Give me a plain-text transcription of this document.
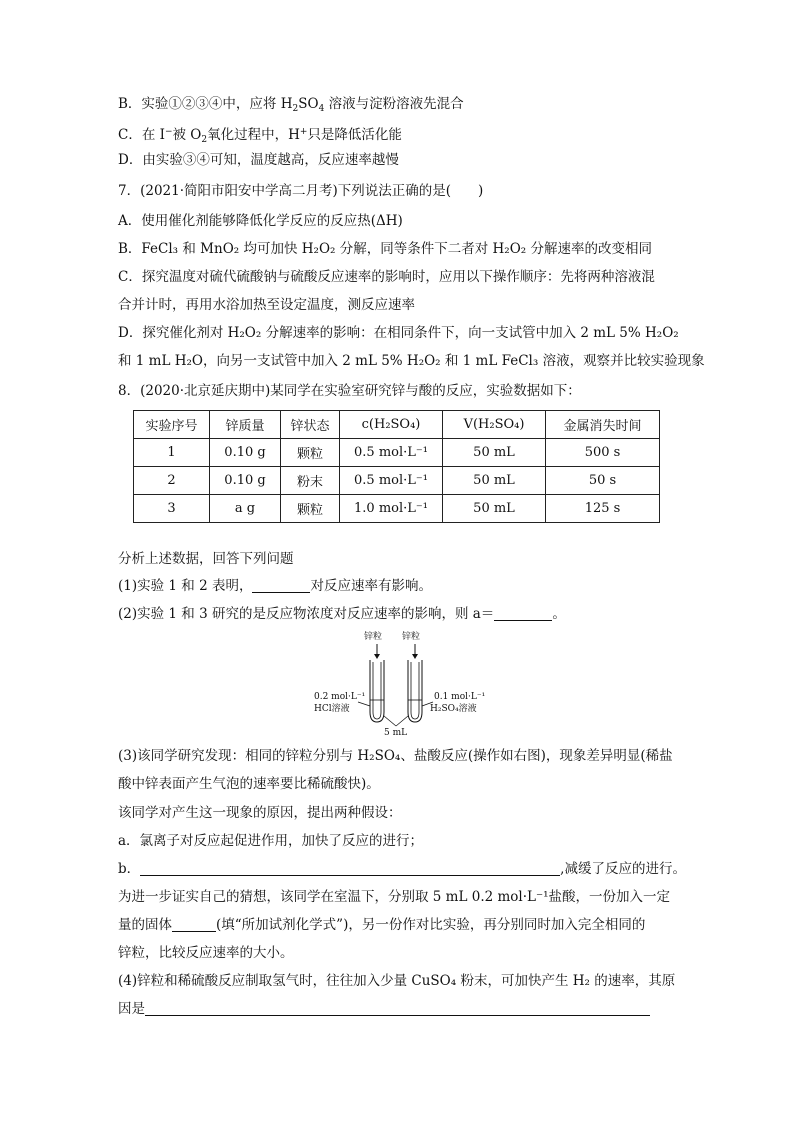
B．实验①②③④中，应将 $H_2SO_4$ 溶液与淀粉溶液先混合
C．在 I−被 $O_2$氧化过程中，H+只是降低活化能
D．由实验③④可知，温度越高，反应速率越慢
7．(2021·简阳市阳安中学高二月考)下列说法正确的是(　　)
A．使用催化剂能够降低化学反应的反应热(ΔH)
B．FeCl₃ 和 MnO₂ 均可加快 H₂O₂ 分解，同等条件下二者对 H₂O₂ 分解速率的改变相同
C．探究温度对硫代硫酸钠与硫酸反应速率的影响时，应用以下操作顺序：先将两种溶液混
合并计时，再用水浴加热至设定温度，测反应速率
D．探究催化剂对 H₂O₂ 分解速率的影响：在相同条件下，向一支试管中加入 2 mL 5% H₂O₂
和 1 mL H₂O，向另一支试管中加入 2 mL 5% H₂O₂ 和 1 mL FeCl₃ 溶液，观察并比较实验现象
8．(2020·北京延庆期中)某同学在实验室研究锌与酸的反应，实验数据如下：
实验序号	锌质量	锌状态	c(H₂SO₄)	V(H₂SO₄)	金属消失时间
1	0.10 g	颗粒	0.5 mol·L⁻¹	50 mL	500 s
2	0.10 g	粉末	0.5 mol·L⁻¹	50 mL	50 s
3	a g	颗粒	1.0 mol·L⁻¹	50 mL	125 s
分析上述数据，回答下列问题
(1)实验 1 和 2 表明，	对反应速率有影响。
(2)实验 1 和 3 研究的是反应物浓度对反应速率的影响，则 a＝	。
锌粒 锌粒
0.2 mol·L⁻¹
HCl溶液
0.1 mol·L⁻¹
H₂SO₄溶液
5 mL
(3)该同学研究发现：相同的锌粒分别与 H₂SO₄、盐酸反应(操作如右图)，现象差异明显(稀盐
酸中锌表面产生气泡的速率要比稀硫酸快)。
该同学对产生这一现象的原因，提出两种假设：
a．氯离子对反应起促进作用，加快了反应的进行；
b．	,减缓了反应的进行。
为进一步证实自己的猜想，该同学在室温下，分别取 5 mL 0.2 mol·L⁻¹盐酸，一份加入一定
量的固体	(填“所加试剂化学式”)，另一份作对比实验，再分别同时加入完全相同的
锌粒，比较反应速率的大小。
(4)锌粒和稀硫酸反应制取氢气时，往往加入少量 CuSO₄ 粉末，可加快产生 H₂ 的速率，其原
因是
